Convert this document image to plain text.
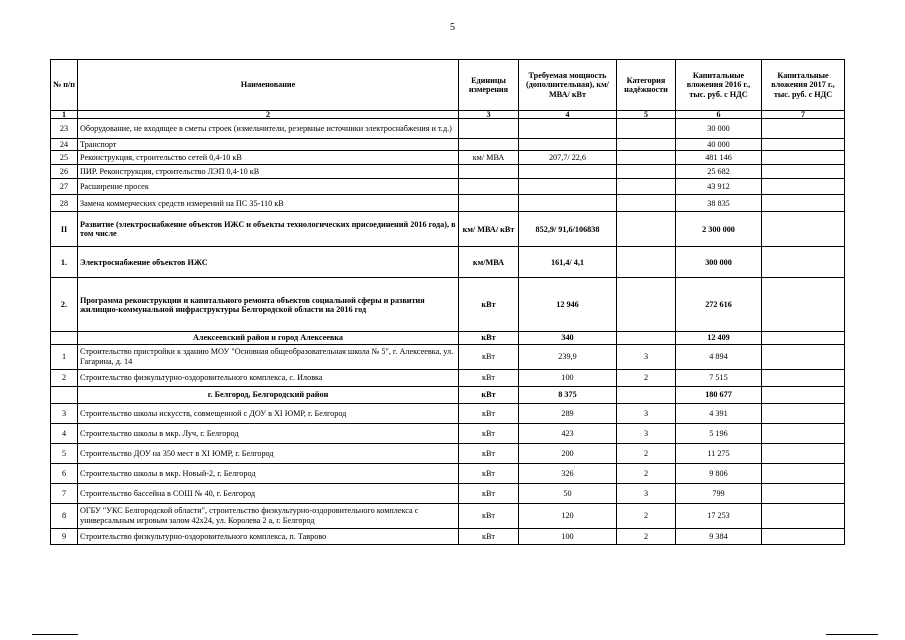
5
№ п/п	Наименование	Единицы измерения	Требуемая мощность (дополнительная), км/ МВА/ кВт	Категория надёжности	Капитальные вложения 2016 г., тыс. руб. с НДС	Капитальные вложения 2017 г., тыс. руб. с НДС
1	2	3	4	5	6	7
23	Оборудование, не входящее в сметы строек (измельчители, резервные источники электроснабжения и т.д.)				30 000	
24	Транспорт				40 000	
25	Реконструкция, строительство сетей 0,4-10 кВ	км/ МВА	207,7/ 22,6		481 146	
26	ПИР. Реконструкция, строительство ЛЭП 0,4-10 кВ				25 682	
27	Расширение просек				43 912	
28	Замена коммерческих средств измерений на ПС 35-110 кВ				38 835	
II	Развитие (электроснабжение объектов ИЖС и объекты технологических присоединений 2016 года), в том числе	км/ МВА/ кВт	852,9/ 91,6/106838		2 300 000	
1.	Электроснабжение объектов ИЖС	км/МВА	161,4/ 4,1		300 000	
2.	Программа реконструкции и капитального ремонта объектов социальной сферы и развития жилищно-коммунальной инфраструктуры Белгородской области на 2016 год	кВт	12 946		272 616	
	Алексеевский район и город Алексеевка	кВт	340		12 409	
1	Строительство пристройки к зданию МОУ "Основная общеобразовательная школа № 5", г. Алексеевка, ул. Гагарина, д. 14	кВт	239,9	3	4 894	
2	Строительство физкультурно-оздоровительного комплекса, с. Иловка	кВт	100	2	7 515	
	г. Белгород, Белгородский район	кВт	8 375		180 677	
3	Строительство школы искусств, совмещенной с ДОУ в XI ЮМР, г. Белгород	кВт	289	3	4 391	
4	Строительство школы в мкр. Луч, г. Белгород	кВт	423	3	5 196	
5	Строительство ДОУ на 350 мест в XI ЮМР, г. Белгород	кВт	200	2	11 275	
6	Строительство школы в мкр. Новый-2, г. Белгород	кВт	326	2	9 806	
7	Строительство бассейна в СОШ № 40, г. Белгород	кВт	50	3	799	
8	ОГБУ "УКС Белгородской области", строительство физкультурно-оздоровительного комплекса с универсальным игровым залом 42х24, ул. Королева 2 а, г. Белгород	кВт	120	2	17 253	
9	Строительство физкультурно-оздоровительного комплекса, п. Таврово	кВт	100	2	9 384	
